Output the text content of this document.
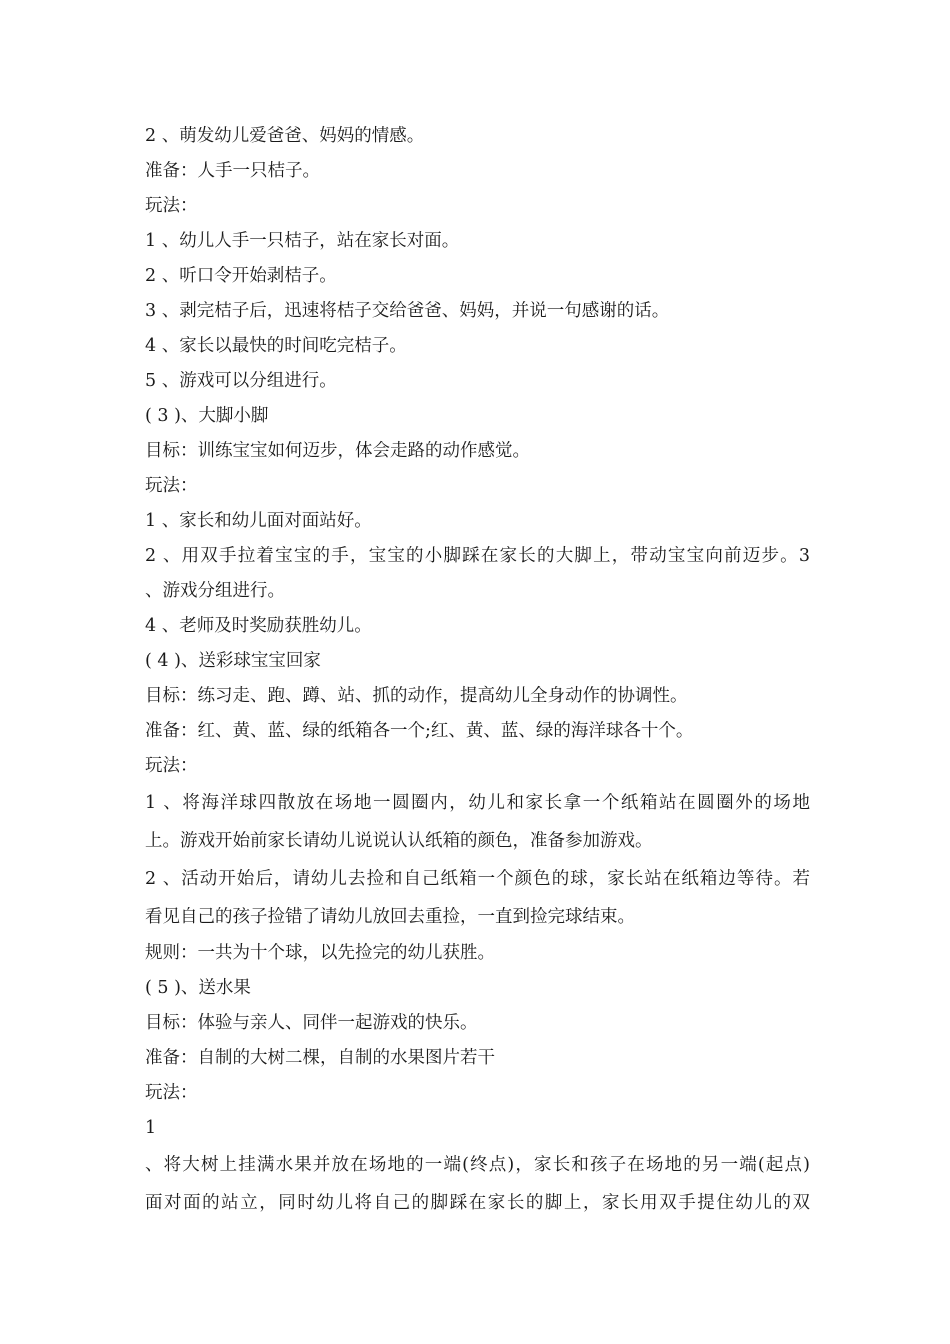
2 、萌发幼儿爱爸爸、妈妈的情感。
准备：人手一只桔子。
玩法：
1 、幼儿人手一只桔子，站在家长对面。
2 、听口令开始剥桔子。
3 、剥完桔子后，迅速将桔子交给爸爸、妈妈，并说一句感谢的话。
4 、家长以最快的时间吃完桔子。
5 、游戏可以分组进行。
( 3 )、大脚小脚
目标：训练宝宝如何迈步，体会走路的动作感觉。
玩法：
1 、家长和幼儿面对面站好。
2 、用双手拉着宝宝的手，宝宝的小脚踩在家长的大脚上，带动宝宝向前迈步。3
、游戏分组进行。
4 、老师及时奖励获胜幼儿。
( 4 )、送彩球宝宝回家
目标：练习走、跑、蹲、站、抓的动作，提高幼儿全身动作的协调性。
准备：红、黄、蓝、绿的纸箱各一个;红、黄、蓝、绿的海洋球各十个。
玩法：
1 、将海洋球四散放在场地一圆圈内，幼儿和家长拿一个纸箱站在圆圈外的场地
上。游戏开始前家长请幼儿说说认认纸箱的颜色，准备参加游戏。
2 、活动开始后，请幼儿去捡和自己纸箱一个颜色的球，家长站在纸箱边等待。若
看见自己的孩子捡错了请幼儿放回去重捡，一直到捡完球结束。
规则：一共为十个球，以先捡完的幼儿获胜。
( 5 )、送水果
目标：体验与亲人、同伴一起游戏的快乐。
准备：自制的大树二棵，自制的水果图片若干
玩法：
1
、将大树上挂满水果并放在场地的一端(终点)，家长和孩子在场地的另一端(起点)
面对面的站立，同时幼儿将自己的脚踩在家长的脚上，家长用双手提住幼儿的双
